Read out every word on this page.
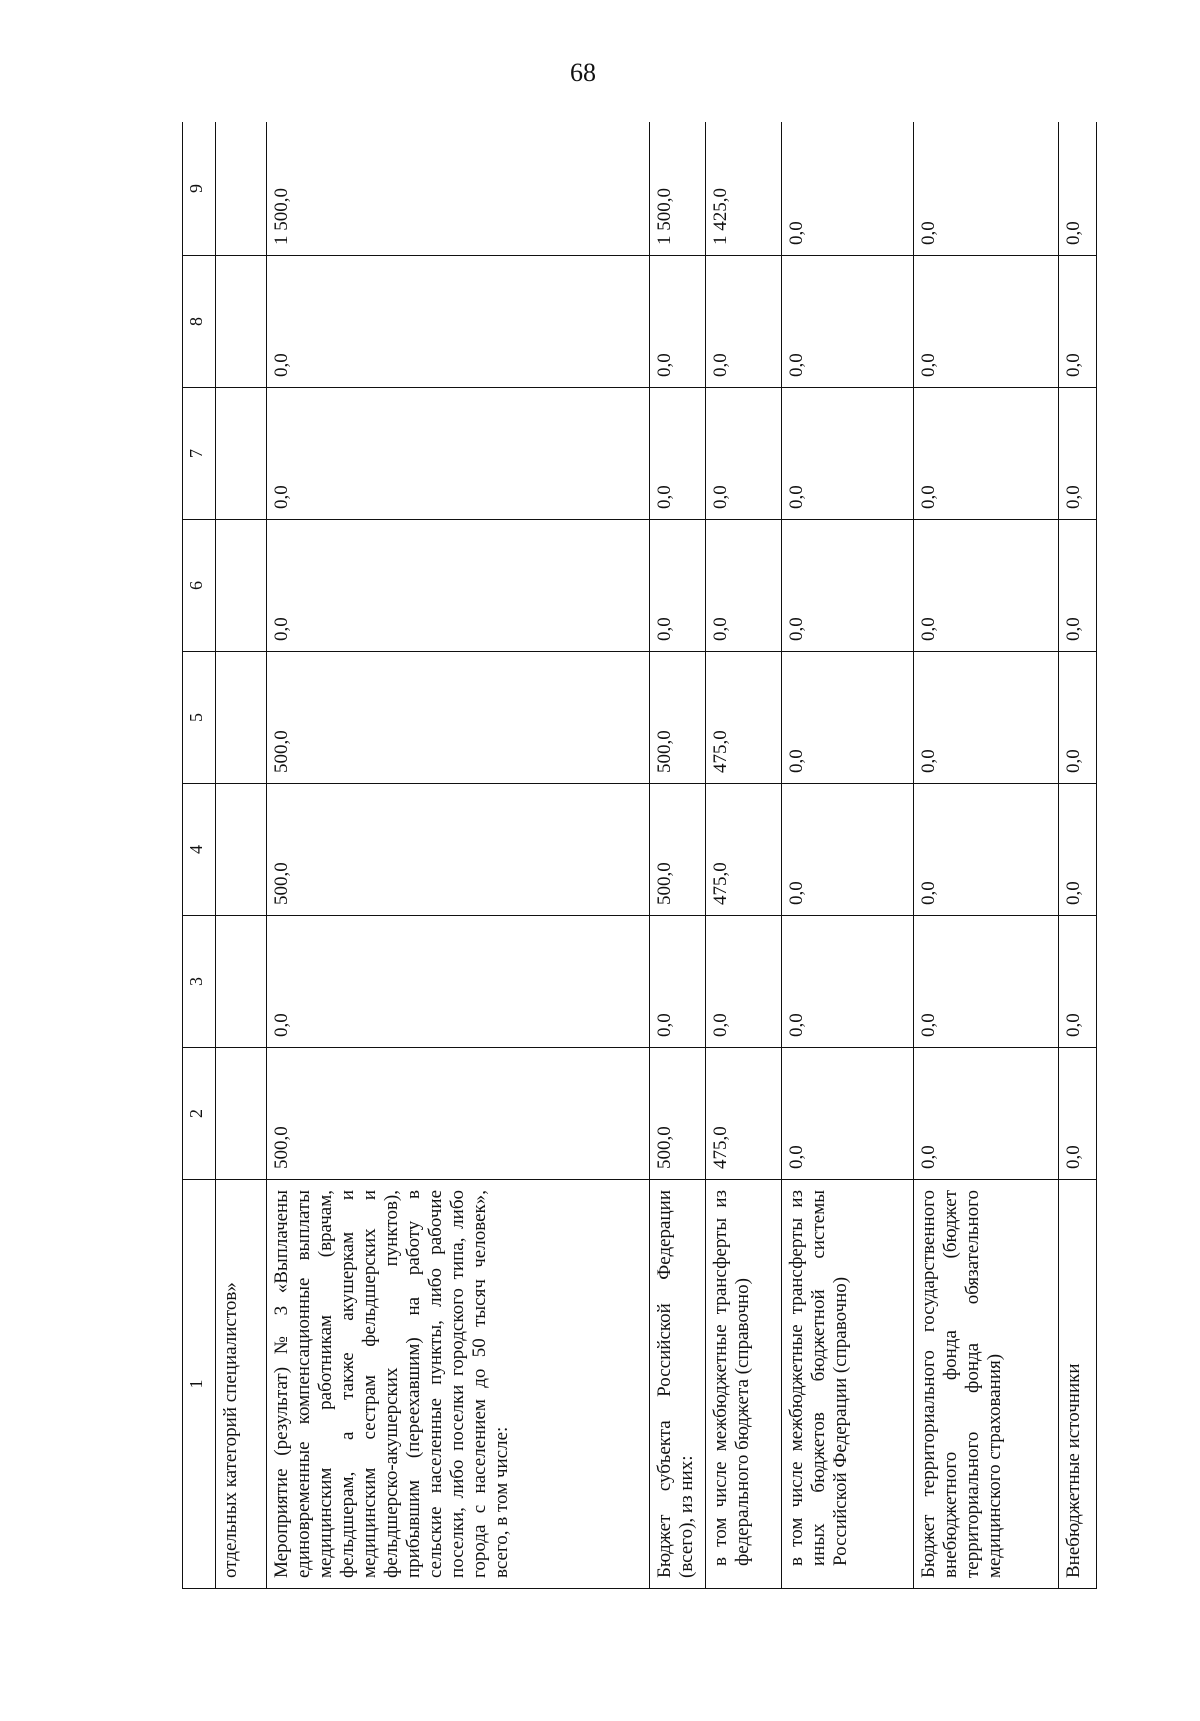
68
1	2	3	4	5	6	7	8	9
отдельных категорий специалистов»								
Мероприятие (результат) № 3 «Выплачены единовременные компенсационные выплаты медицинским работникам (врачам, фельдшерам, а также акушеркам и медицинским сестрам фельдшерских и фельдшерско-акушерских пунктов), прибывшим (переехавшим) на работу в сельские населенные пункты, либо рабочие поселки, либо поселки городского типа, либо города с населением до 50 тысяч человек», всего, в том числе:	500,0	0,0	500,0	500,0	0,0	0,0	0,0	1 500,0
Бюджет субъекта Российской Федерации (всего), из них:	500,0	0,0	500,0	500,0	0,0	0,0	0,0	1 500,0
в том числе межбюджетные трансферты из федерального бюджета (справочно)	475,0	0,0	475,0	475,0	0,0	0,0	0,0	1 425,0
в том числе межбюджетные трансферты из иных бюджетов бюджетной системы Российской Федерации (справочно)	0,0	0,0	0,0	0,0	0,0	0,0	0,0	0,0
Бюджет территориального государственного внебюджетного фонда (бюджет территориального фонда обязательного медицинского страхования)	0,0	0,0	0,0	0,0	0,0	0,0	0,0	0,0
Внебюджетные источники	0,0	0,0	0,0	0,0	0,0	0,0	0,0	0,0
